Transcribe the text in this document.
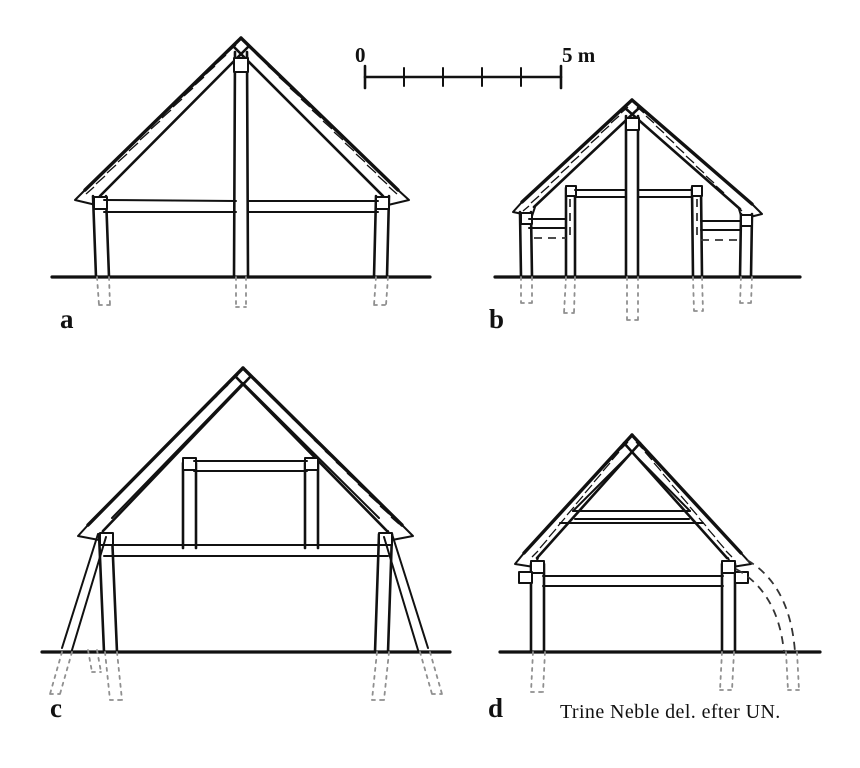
0	5 m
a	b
c	d	Trine Neble del. efter UN.
